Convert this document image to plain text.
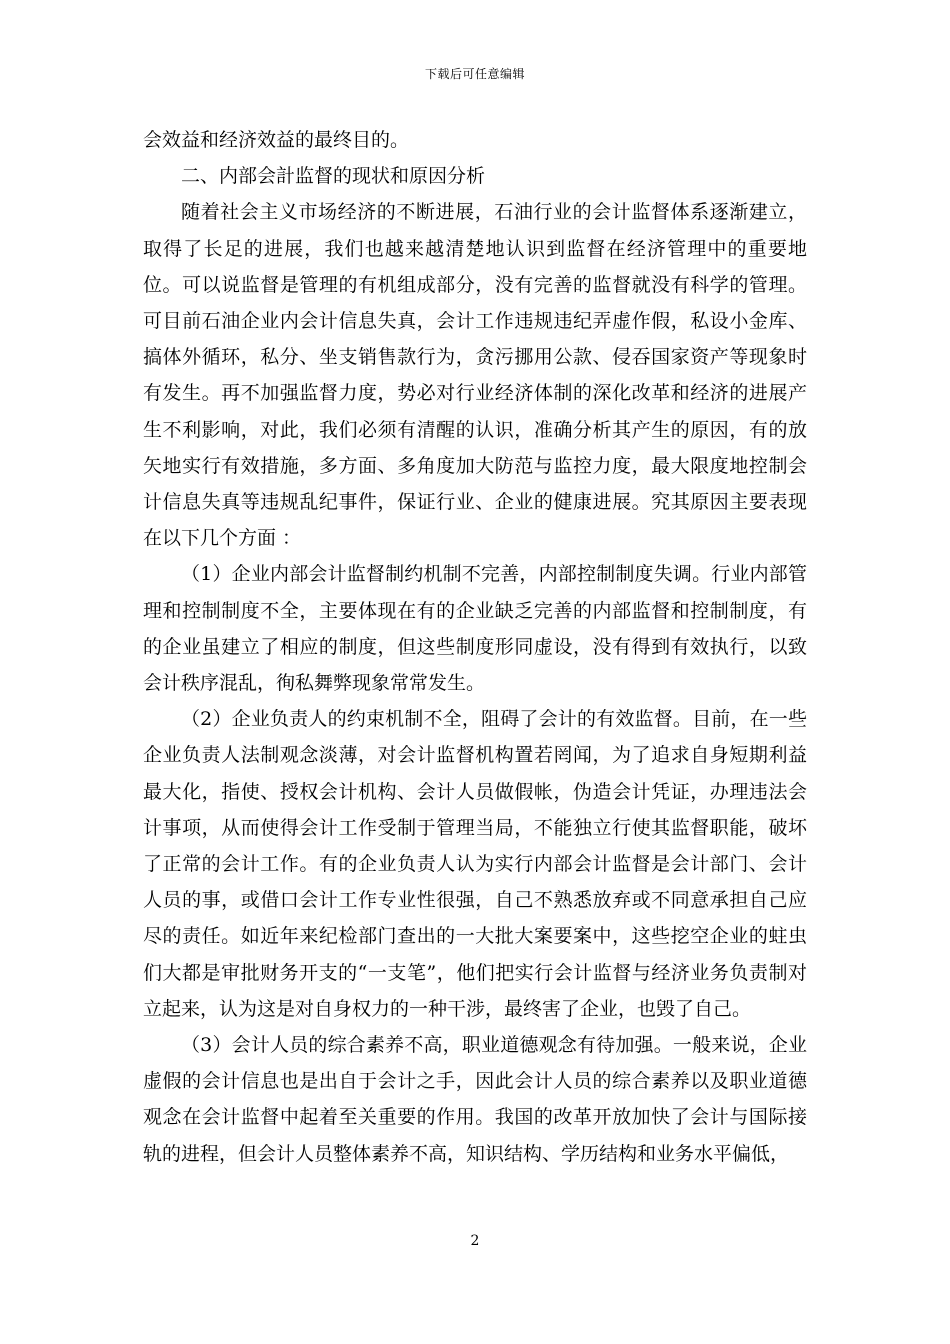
下载后可任意编辑

会效益和经济效益的最终目的。

二、内部会計监督的现状和原因分析

随着社会主义市场经济的不断进展，石油行业的会计监督体系逐渐建立，取得了长足的进展，我们也越来越清楚地认识到监督在经济管理中的重要地位。可以说监督是管理的有机组成部分，没有完善的监督就没有科学的管理。可目前石油企业内会计信息失真，会计工作违规违纪弄虚作假，私设小金库、搞体外循环，私分、坐支销售款行为，贪污挪用公款、侵吞国家资产等现象时有发生。再不加强监督力度，势必对行业经济体制的深化改革和经济的进展产生不利影响，对此，我们必须有清醒的认识，准确分析其产生的原因，有的放矢地实行有效措施，多方面、多角度加大防范与监控力度，最大限度地控制会计信息失真等违规乱纪事件，保证行业、企业的健康进展。究其原因主要表现在以下几个方面 ：

（1）企业内部会计监督制约机制不完善，内部控制制度失调。行业内部管理和控制制度不全，主要体现在有的企业缺乏完善的内部监督和控制制度，有的企业虽建立了相应的制度，但这些制度形同虚设，没有得到有效执行，以致会计秩序混乱，徇私舞弊现象常常发生。

（2）企业负责人的约束机制不全，阻碍了会计的有效监督。目前，在一些企业负责人法制观念淡薄，对会计监督机构置若罔闻，为了追求自身短期利益最大化，指使、授权会计机构、会计人员做假帐，伪造会计凭证，办理违法会计事项，从而使得会计工作受制于管理当局，不能独立行使其监督职能，破坏了正常的会计工作。有的企业负责人认为实行内部会计监督是会计部门、会计人员的事，或借口会计工作专业性很强，自己不熟悉放弃或不同意承担自己应尽的责任。如近年来纪检部门查出的一大批大案要案中，这些挖空企业的蛀虫们大都是审批财务开支的“一支笔”，他们把实行会计监督与经济业务负责制对立起来，认为这是对自身权力的一种干涉，最终害了企业，也毁了自己。

（3）会计人员的综合素养不高，职业道德观念有待加强。一般来说，企业虚假的会计信息也是出自于会计之手，因此会计人员的综合素养以及职业道德观念在会计监督中起着至关重要的作用。我国的改革开放加快了会计与国际接轨的进程，但会计人员整体素养不高，知识结构、学历结构和业务水平偏低，

2
